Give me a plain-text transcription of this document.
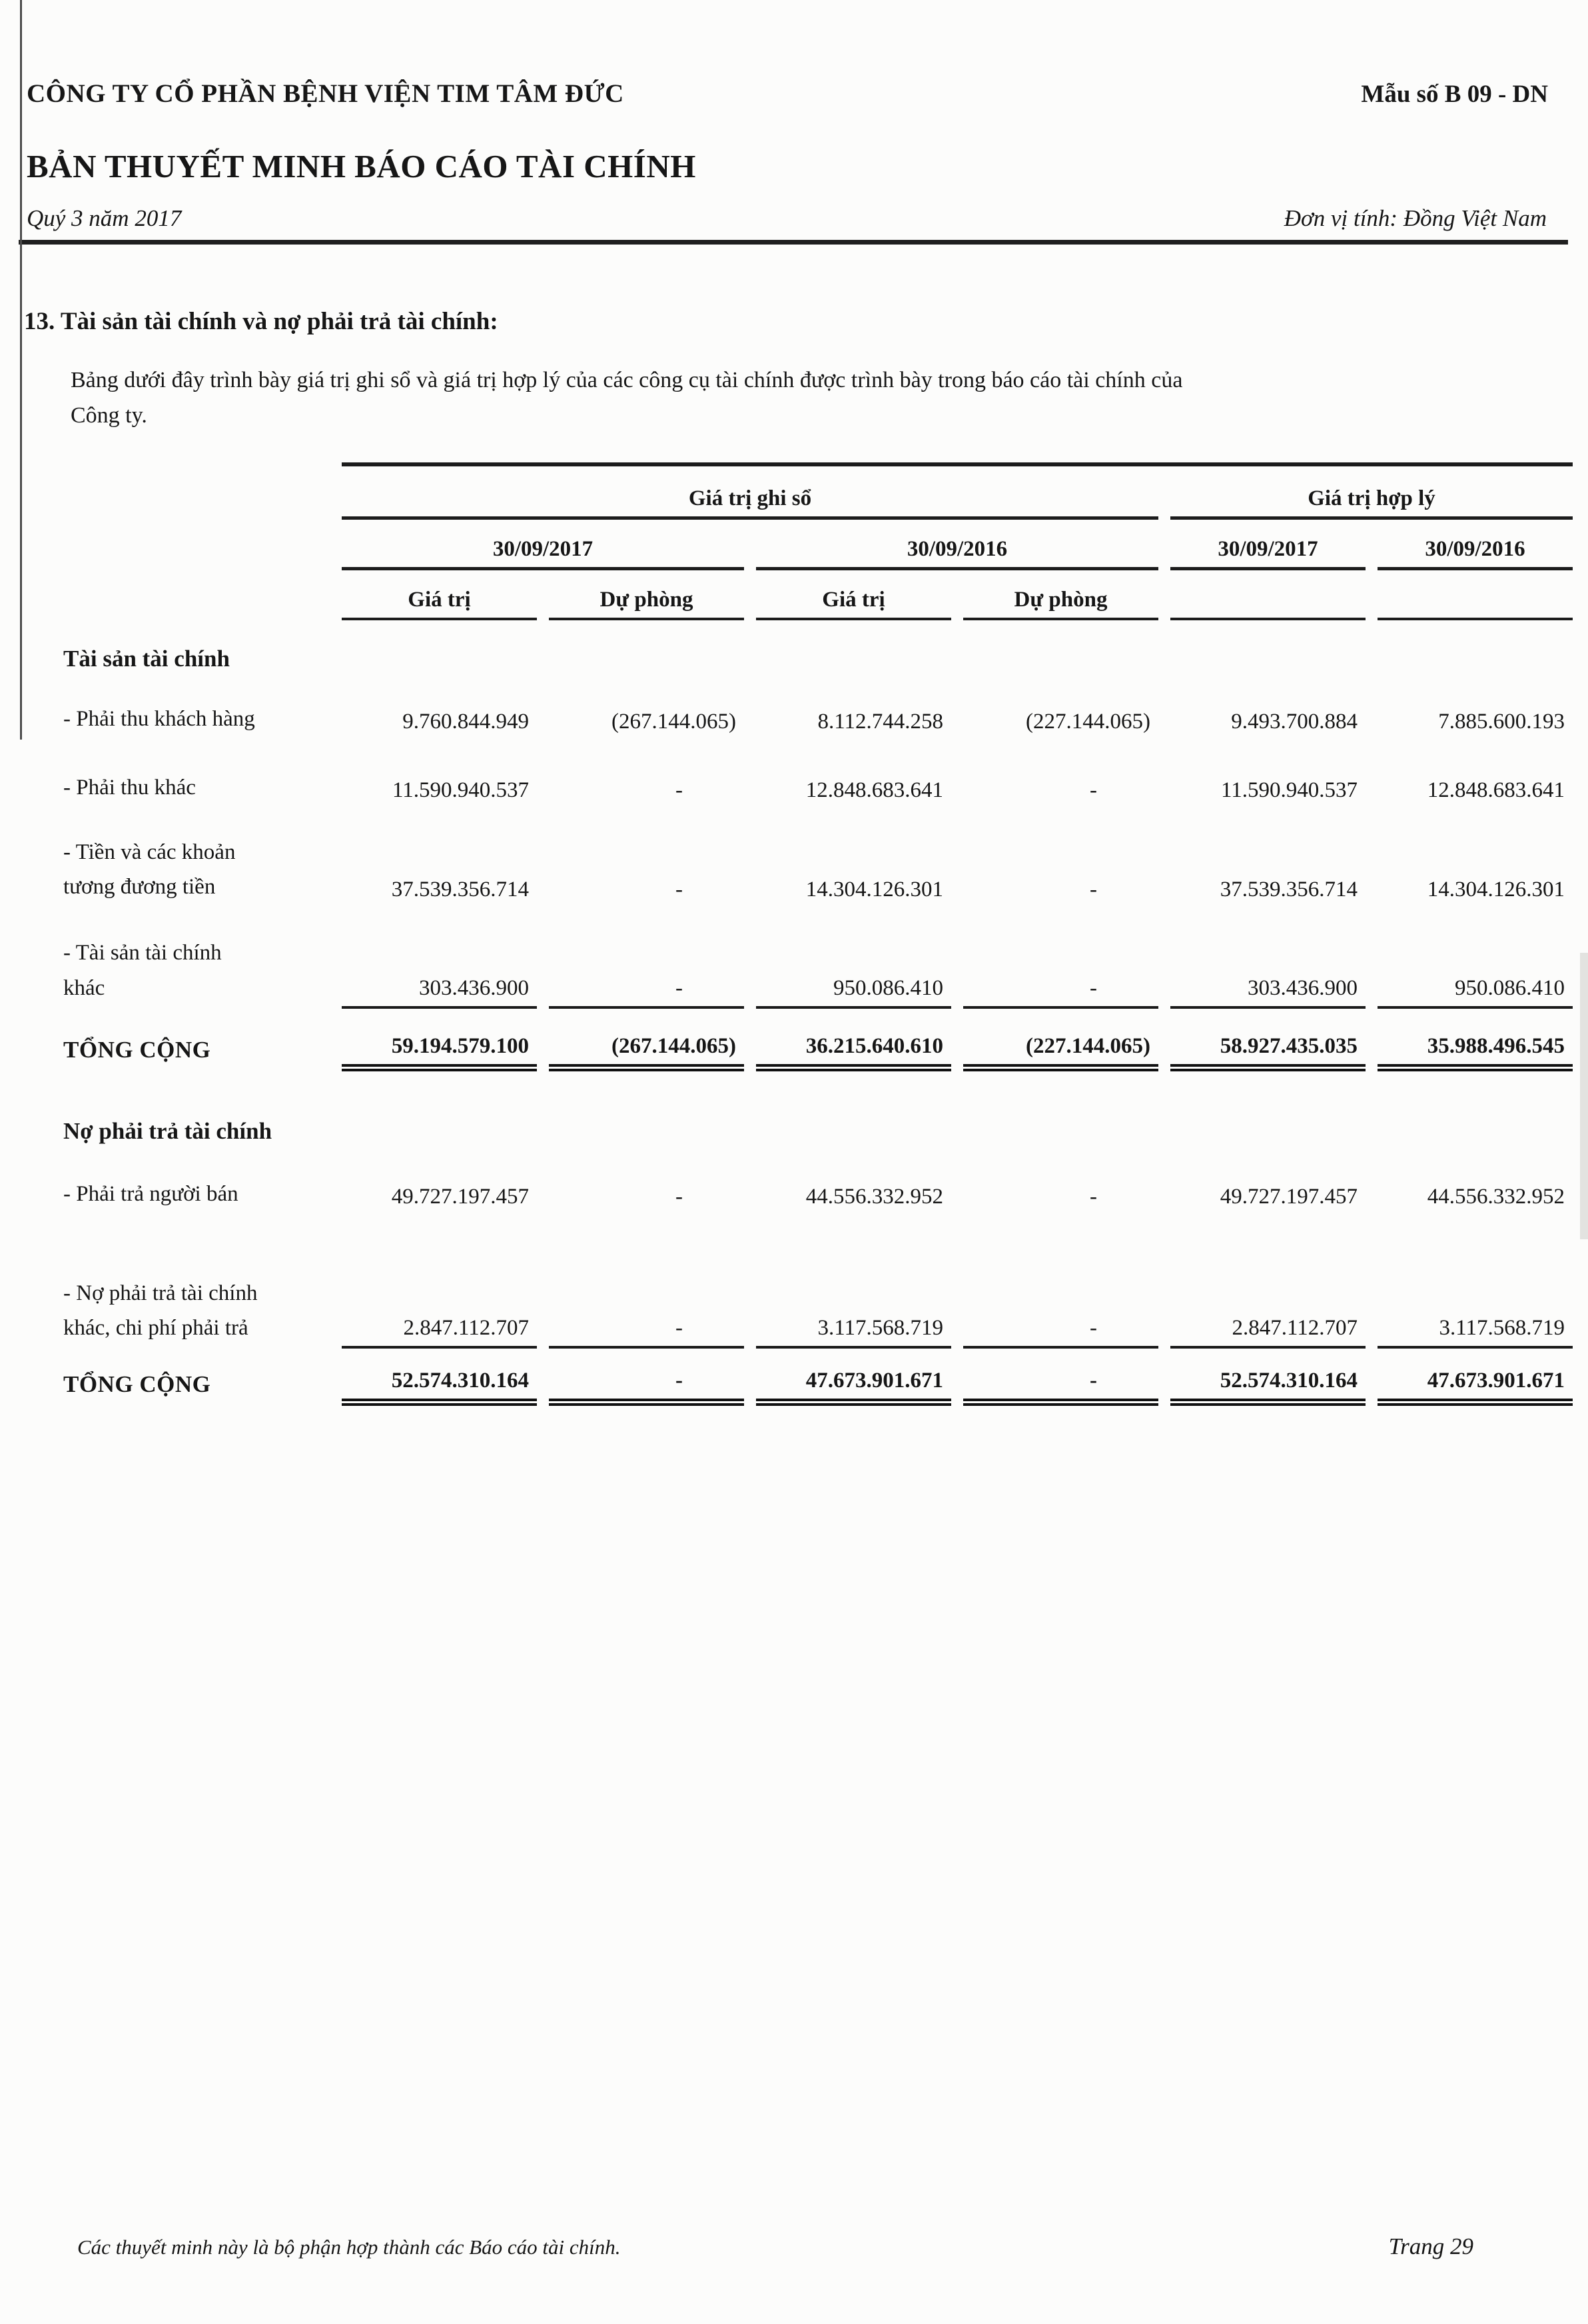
CÔNG TY CỔ PHẦN BỆNH VIỆN TIM TÂM ĐỨC	Mẫu số B 09 - DN
BẢN THUYẾT MINH BÁO CÁO TÀI CHÍNH
Quý 3 năm 2017	Đơn vị tính: Đồng Việt Nam
13. Tài sản tài chính và nợ phải trả tài chính:
Bảng dưới đây trình bày giá trị ghi sổ và giá trị hợp lý của các công cụ tài chính được trình bày trong báo cáo tài chính của
Công ty.
Giá trị ghi sổ	Giá trị hợp lý
30/09/2017	30/09/2016	30/09/2017	30/09/2016
Giá trị	Dự phòng	Giá trị	Dự phòng
Tài sản tài chính
- Phải thu khách hàng	9.760.844.949	(267.144.065)	8.112.744.258	(227.144.065)	9.493.700.884	7.885.600.193
- Phải thu khác	11.590.940.537	-	12.848.683.641	-	11.590.940.537	12.848.683.641
- Tiền và các khoản
tương đương tiền	37.539.356.714	-	14.304.126.301	-	37.539.356.714	14.304.126.301
- Tài sản tài chính
khác	303.436.900	-	950.086.410	-	303.436.900	950.086.410
TỔNG CỘNG	59.194.579.100	(267.144.065)	36.215.640.610	(227.144.065)	58.927.435.035	35.988.496.545
Nợ phải trả tài chính
- Phải trả người bán	49.727.197.457	-	44.556.332.952	-	49.727.197.457	44.556.332.952
- Nợ phải trả tài chính
khác, chi phí phải trả	2.847.112.707	-	3.117.568.719	-	2.847.112.707	3.117.568.719
TỔNG CỘNG	52.574.310.164	-	47.673.901.671	-	52.574.310.164	47.673.901.671
Các thuyết minh này là bộ phận hợp thành các Báo cáo tài chính.	Trang 29
